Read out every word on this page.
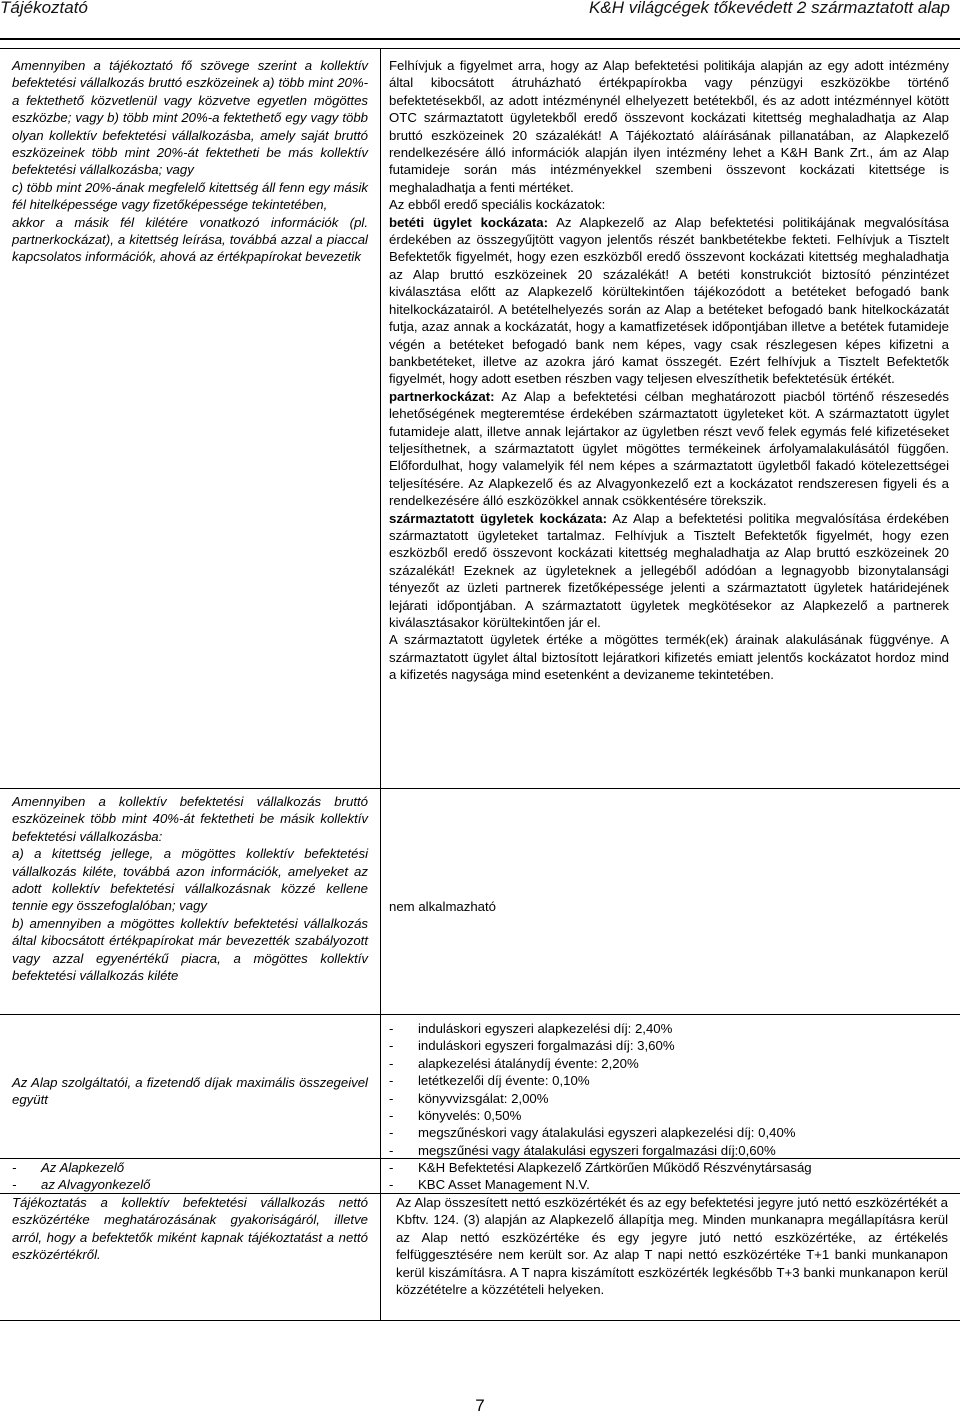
Tájékoztató	K&H világcégek tőkevédett 2 származtatott alap
Amennyiben a tájékoztató fő szövege szerint a kollektív befektetési vállalkozás bruttó eszközeinek a) több mint 20%-a fektethető közvetlenül vagy közvetve egyetlen mögöttes eszközbe; vagy b) több mint 20%-a fektethető egy vagy több olyan kollektív befektetési vállalkozásba, amely saját bruttó eszközeinek több mint 20%-át fektetheti be más kollektív befektetési vállalkozásba; vagy
c) több mint 20%-ának megfelelő kitettség áll fenn egy másik fél hitelképessége vagy fizetőképessége tekintetében,
akkor a másik fél kilétére vonatkozó információk (pl. partnerkockázat), a kitettség leírása, továbbá azzal a piaccal kapcsolatos információk, ahová az értékpapírokat bevezetik
Felhívjuk a figyelmet arra, hogy az Alap befektetési politikája alapján az egy adott intézmény által kibocsátott átruházható értékpapírokba vagy pénzügyi eszközökbe történő befektetésekből, az adott intézménynél elhelyezett betétekből, és az adott intézménnyel kötött OTC származtatott ügyletekből eredő összevont kockázati kitettség meghaladhatja az Alap bruttó eszközeinek 20 százalékát! A Tájékoztató aláírásának pillanatában, az Alapkezelő rendelkezésére álló információk alapján ilyen intézmény lehet a K&H Bank Zrt., ám az Alap futamideje során más intézményekkel szembeni összevont kockázati kitettsége is meghaladhatja a fenti mértéket.
Az ebből eredő speciális kockázatok:
betéti ügylet kockázata: Az Alapkezelő az Alap befektetési politikájának megvalósítása érdekében az összegyűjtött vagyon jelentős részét bankbetétekbe fekteti. Felhívjuk a Tisztelt Befektetők figyelmét, hogy ezen eszközből eredő összevont kockázati kitettség meghaladhatja az Alap bruttó eszközeinek 20 százalékát! A betéti konstrukciót biztosító pénzintézet kiválasztása előtt az Alapkezelő körültekintően tájékozódott a betéteket befogadó bank hitelkockázatairól. A betételhelyezés során az Alap a betéteket befogadó bank hitelkockázatát futja, azaz annak a kockázatát, hogy a kamatfizetések időpontjában illetve a betétek futamideje végén a betéteket befogadó bank nem képes, vagy csak részlegesen képes kifizetni a bankbetéteket, illetve az azokra járó kamat összegét. Ezért felhívjuk a Tisztelt Befektetők figyelmét, hogy adott esetben részben vagy teljesen elveszíthetik befektetésük értékét.
partnerkockázat: Az Alap a befektetési célban meghatározott piacból történő részesedés lehetőségének megteremtése érdekében származtatott ügyleteket köt. A származtatott ügylet futamideje alatt, illetve annak lejártakor az ügyletben részt vevő felek egymás felé kifizetéseket teljesíthetnek, a származtatott ügylet mögöttes termékeinek árfolyamalakulásától függően. Előfordulhat, hogy valamelyik fél nem képes a származtatott ügyletből fakadó kötelezettségei teljesítésére. Az Alapkezelő és az Alvagyonkezelő ezt a kockázatot rendszeresen figyeli és a rendelkezésére álló eszközökkel annak csökkentésére törekszik.
származtatott ügyletek kockázata: Az Alap a befektetési politika megvalósítása érdekében származtatott ügyleteket tartalmaz. Felhívjuk a Tisztelt Befektetők figyelmét, hogy ezen eszközből eredő összevont kockázati kitettség meghaladhatja az Alap bruttó eszközeinek 20 százalékát! Ezeknek az ügyleteknek a jellegéből adódóan a legnagyobb bizonytalansági tényezőt az üzleti partnerek fizetőképessége jelenti a származtatott ügyletek határidejének lejárati időpontjában. A származtatott ügyletek megkötésekor az Alapkezelő a partnerek kiválasztásakor körültekintően jár el.
A származtatott ügyletek értéke a mögöttes termék(ek) árainak alakulásának függvénye. A származtatott ügylet által biztosított lejáratkori kifizetés emiatt jelentős kockázatot hordoz mind a kifizetés nagysága mind esetenként a devizaneme tekintetében.
Amennyiben a kollektív befektetési vállalkozás bruttó eszközeinek több mint 40%-át fektetheti be másik kollektív befektetési vállalkozásba:
a) a kitettség jellege, a mögöttes kollektív befektetési vállalkozás kiléte, továbbá azon információk, amelyeket az adott kollektív befektetési vállalkozásnak közzé kellene tennie egy összefoglalóban; vagy
b) amennyiben a mögöttes kollektív befektetési vállalkozás által kibocsátott értékpapírokat már bevezették szabályozott vagy azzal egyenértékű piacra, a mögöttes kollektív befektetési vállalkozás kiléte
nem alkalmazható
Az Alap szolgáltatói, a fizetendő díjak maximális összegeivel együtt
- induláskori egyszeri alapkezelési díj: 2,40%
- induláskori egyszeri forgalmazási díj: 3,60%
- alapkezelési átalánydíj évente: 2,20%
- letétkezelői díj évente: 0,10%
- könyvvizsgálat: 2,00%
- könyvelés: 0,50%
- megszűnéskori vagy átalakulási egyszeri alapkezelési díj: 0,40%
- megszűnési vagy átalakulási egyszeri forgalmazási díj:0,60%
- Az Alapkezelő
- az Alvagyonkezelő
- K&H Befektetési Alapkezelő Zártkörűen Működő Részvénytársaság
- KBC Asset Management N.V.
Tájékoztatás a kollektív befektetési vállalkozás nettó eszközértéke meghatározásának gyakoriságáról, illetve arról, hogy a befektetők miként kapnak tájékoztatást a nettó eszközértékről.
Az Alap összesített nettó eszközértékét és az egy befektetési jegyre jutó nettó eszközértékét a Kbftv. 124. (3) alapján az Alapkezelő állapítja meg. Minden munkanapra megállapításra kerül az Alap nettó eszközértéke és egy jegyre jutó nettó eszközértéke, az értékelés felfüggesztésére nem került sor. Az alap T napi nettó eszközértéke T+1 banki munkanapon kerül kiszámításra. A T napra kiszámított eszközérték legkésőbb T+3 banki munkanapon kerül közzétételre a közzétételi helyeken.
7
